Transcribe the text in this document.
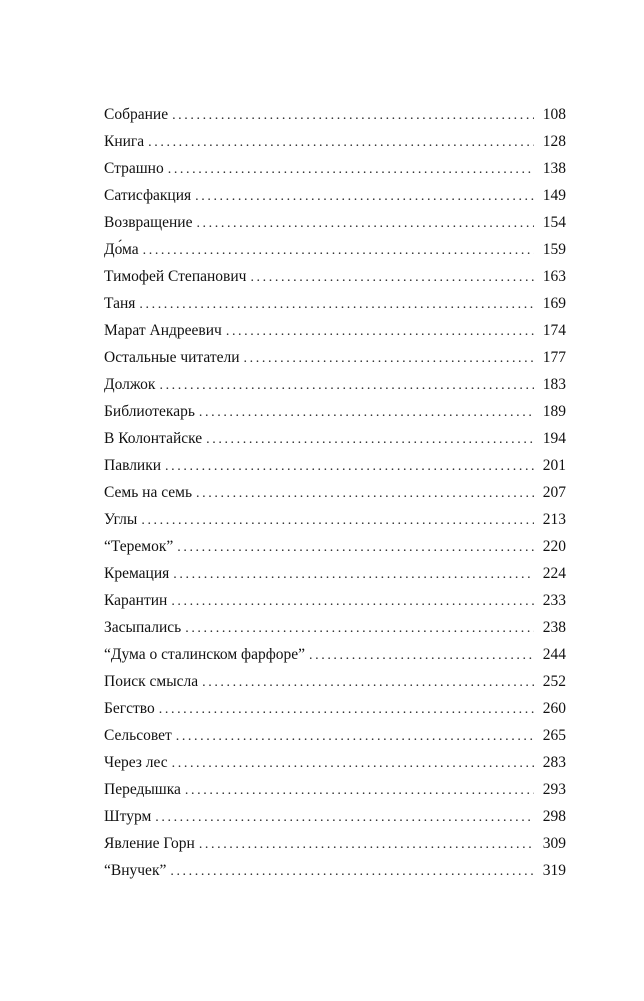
Собрание .....	108
Книга .....	128
Страшно .....	138
Сатисфакция .....	149
Возвращение .....	154
До́ма .....	159
Тимофей Степанович .....	163
Таня .....	169
Марат Андреевич .....	174
Остальные читатели .....	177
Должок .....	183
Библиотекарь .....	189
В Колонтайске .....	194
Павлики .....	201
Семь на семь .....	207
Углы .....	213
“Теремок” .....	220
Кремация .....	224
Карантин .....	233
Засыпались .....	238
“Дума о сталинском фарфоре” .....	244
Поиск смысла .....	252
Бегство .....	260
Сельсовет .....	265
Через лес .....	283
Передышка .....	293
Штурм .....	298
Явление Горн .....	309
“Внучек” .....	319
